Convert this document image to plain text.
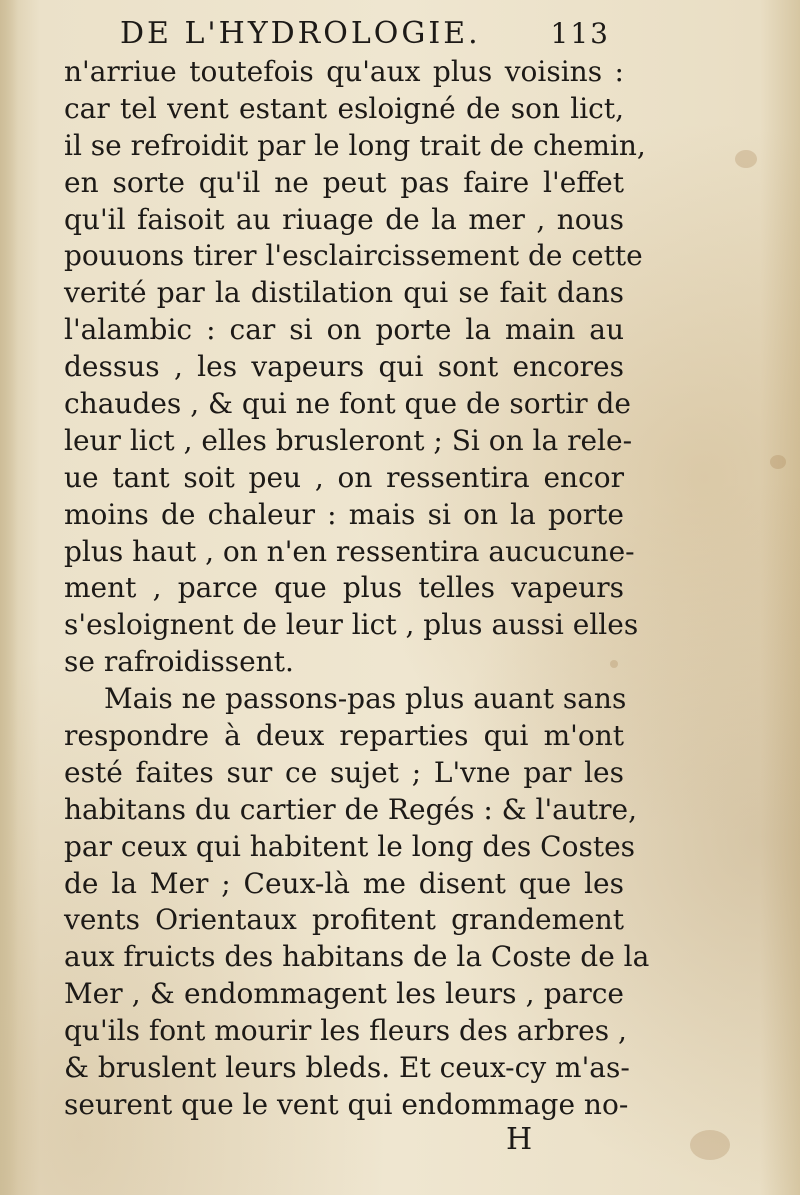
DE L'HYDROLOGIE. 113
n'arriue toutefois qu'aux plus voisins :
car tel vent estant esloigné de son lict,
il se refroidit par le long trait de chemin,
en sorte qu'il ne peut pas faire l'effet
qu'il faisoit au riuage de la mer , nous
pouuons tirer l'esclaircissement de cette
verité par la distilation qui se fait dans
l'alambic : car si on porte la main au
dessus , les vapeurs qui sont encores
chaudes , & qui ne font que de sortir de
leur lict , elles brusleront ; Si on la rele-
ue tant soit peu , on ressentira encor
moins de chaleur : mais si on la porte
plus haut , on n'en ressentira aucucune-
ment , parce que plus telles vapeurs
s'esloignent de leur lict , plus aussi elles
se rafroidissent.
Mais ne passons-pas plus auant sans
respondre à deux reparties qui m'ont
esté faites sur ce sujet ; L'vne par les
habitans du cartier de Regés : & l'autre,
par ceux qui habitent le long des Costes
de la Mer ; Ceux-là me disent que les
vents Orientaux profitent grandement
aux fruicts des habitans de la Coste de la
Mer , & endommagent les leurs , parce
qu'ils font mourir les fleurs des arbres ,
& bruslent leurs bleds. Et ceux-cy m'as-
seurent que le vent qui endommage no-
H
